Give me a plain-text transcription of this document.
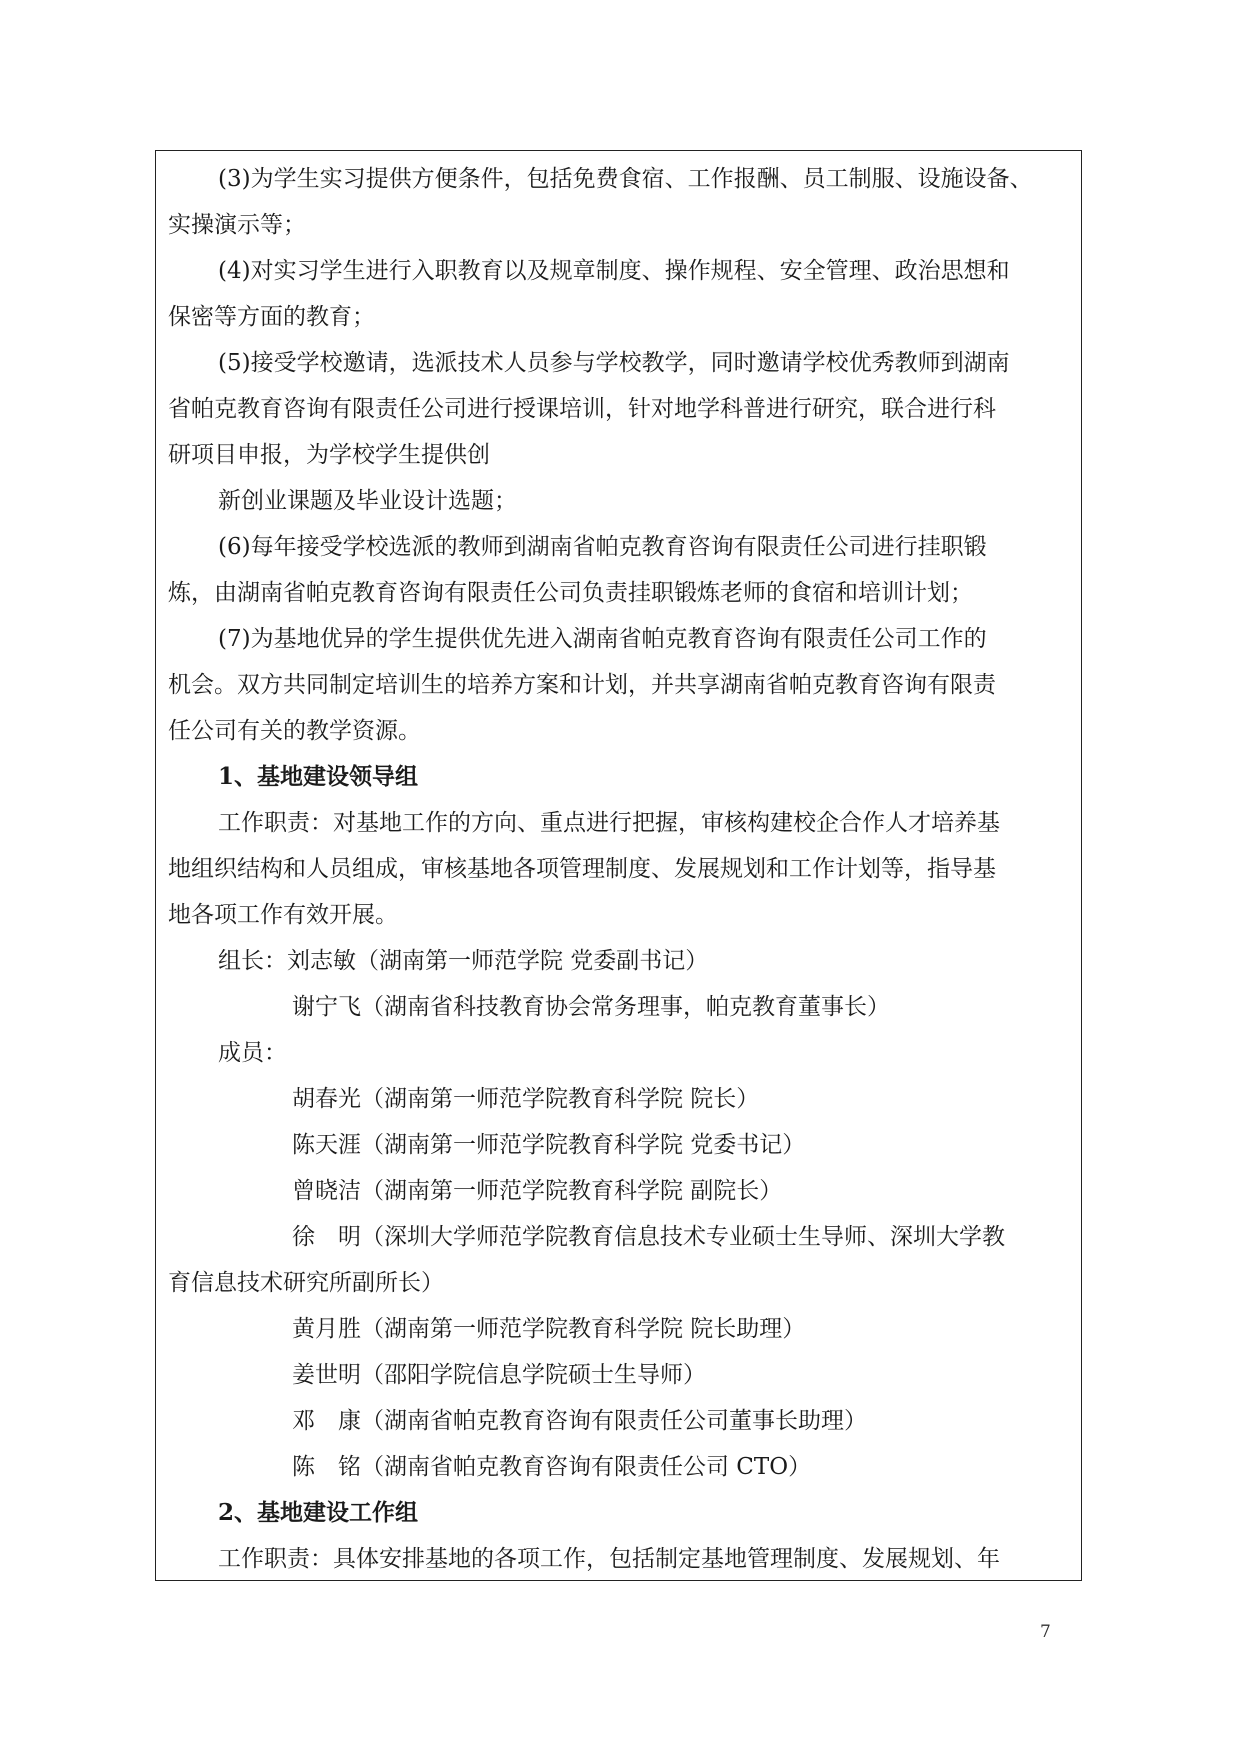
(3)为学生实习提供方便条件，包括免费食宿、工作报酬、员工制服、设施设备、
实操演示等；
(4)对实习学生进行入职教育以及规章制度、操作规程、安全管理、政治思想和
保密等方面的教育；
(5)接受学校邀请，选派技术人员参与学校教学，同时邀请学校优秀教师到湖南
省帕克教育咨询有限责任公司进行授课培训，针对地学科普进行研究，联合进行科
研项目申报，为学校学生提供创
新创业课题及毕业设计选题；
(6)每年接受学校选派的教师到湖南省帕克教育咨询有限责任公司进行挂职锻
炼，由湖南省帕克教育咨询有限责任公司负责挂职锻炼老师的食宿和培训计划；
(7)为基地优异的学生提供优先进入湖南省帕克教育咨询有限责任公司工作的
机会。双方共同制定培训生的培养方案和计划，并共享湖南省帕克教育咨询有限责
任公司有关的教学资源。
1、基地建设领导组
工作职责：对基地工作的方向、重点进行把握，审核构建校企合作人才培养基
地组织结构和人员组成，审核基地各项管理制度、发展规划和工作计划等，指导基
地各项工作有效开展。
组长：刘志敏（湖南第一师范学院 党委副书记）
谢宁飞（湖南省科技教育协会常务理事，帕克教育董事长）
成员：
胡春光（湖南第一师范学院教育科学院 院长）
陈天涯（湖南第一师范学院教育科学院 党委书记）
曾晓洁（湖南第一师范学院教育科学院 副院长）
徐　明（深圳大学师范学院教育信息技术专业硕士生导师、深圳大学教
育信息技术研究所副所长）
黄月胜（湖南第一师范学院教育科学院 院长助理）
姜世明（邵阳学院信息学院硕士生导师）
邓　康（湖南省帕克教育咨询有限责任公司董事长助理）
陈　铭（湖南省帕克教育咨询有限责任公司 CTO）
2、基地建设工作组
工作职责：具体安排基地的各项工作，包括制定基地管理制度、发展规划、年
7
